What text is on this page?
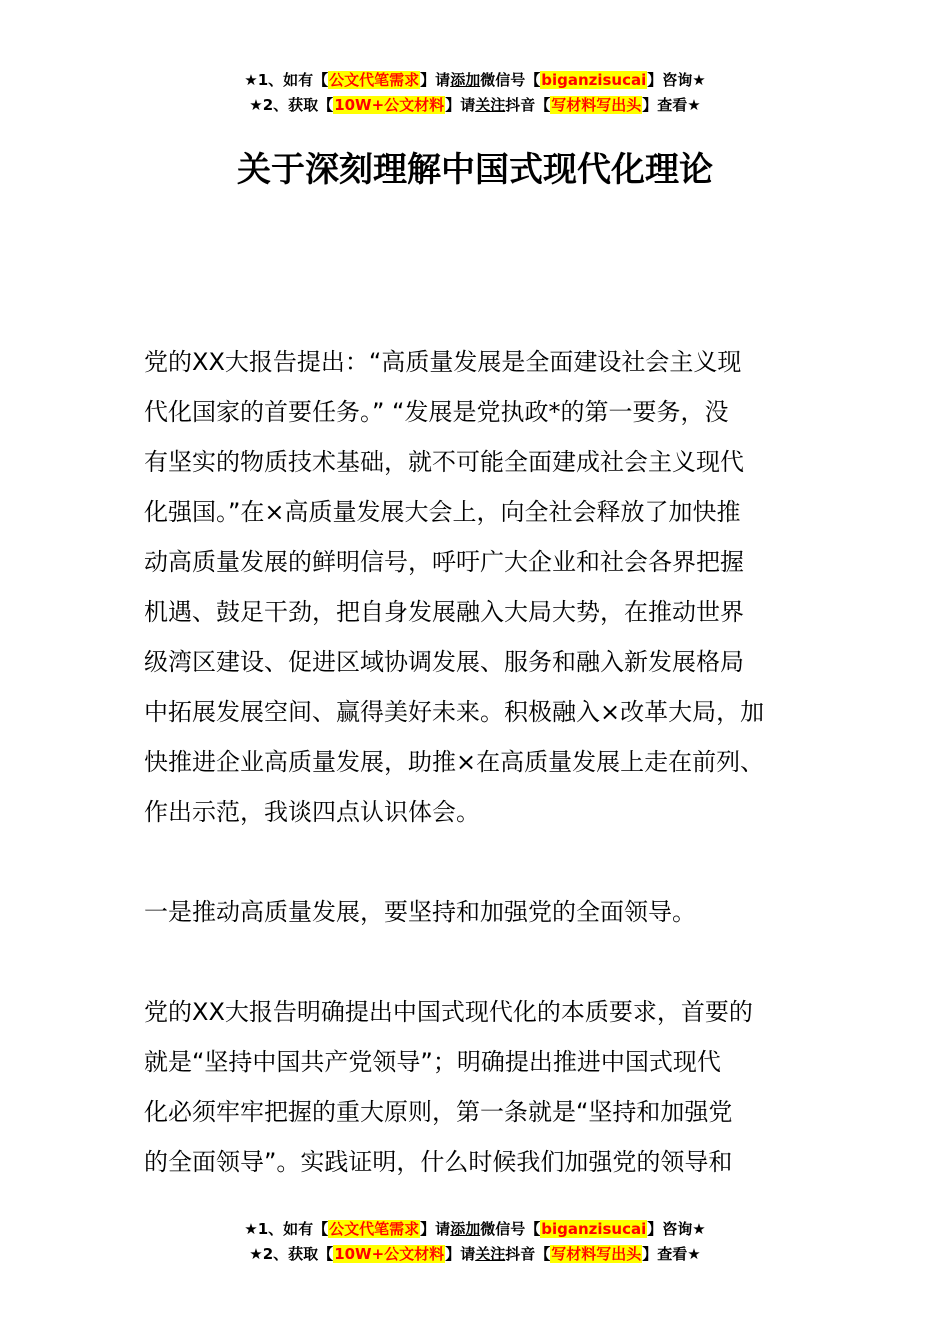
★1、如有【公文代笔需求】请添加微信号【biganzisucai】咨询★
★2、获取【10W+公文材料】请关注抖音【写材料写出头】查看★
关于深刻理解中国式现代化理论
党的XX大报告提出：“高质量发展是全面建设社会主义现
代化国家的首要任务。” “发展是党执政*的第一要务，没
有坚实的物质技术基础，就不可能全面建成社会主义现代
化强国。”在×高质量发展大会上，向全社会释放了加快推
动高质量发展的鲜明信号，呼吁广大企业和社会各界把握
机遇、鼓足干劲，把自身发展融入大局大势，在推动世界
级湾区建设、促进区域协调发展、服务和融入新发展格局
中拓展发展空间、赢得美好未来。积极融入×改革大局，加
快推进企业高质量发展，助推×在高质量发展上走在前列、
作出示范，我谈四点认识体会。
一是推动高质量发展，要坚持和加强党的全面领导。
党的XX大报告明确提出中国式现代化的本质要求，首要的
就是“坚持中国共产党领导”；明确提出推进中国式现代
化必须牢牢把握的重大原则，第一条就是“坚持和加强党
的全面领导”。实践证明，什么时候我们加强党的领导和
★1、如有【公文代笔需求】请添加微信号【biganzisucai】咨询★
★2、获取【10W+公文材料】请关注抖音【写材料写出头】查看★
